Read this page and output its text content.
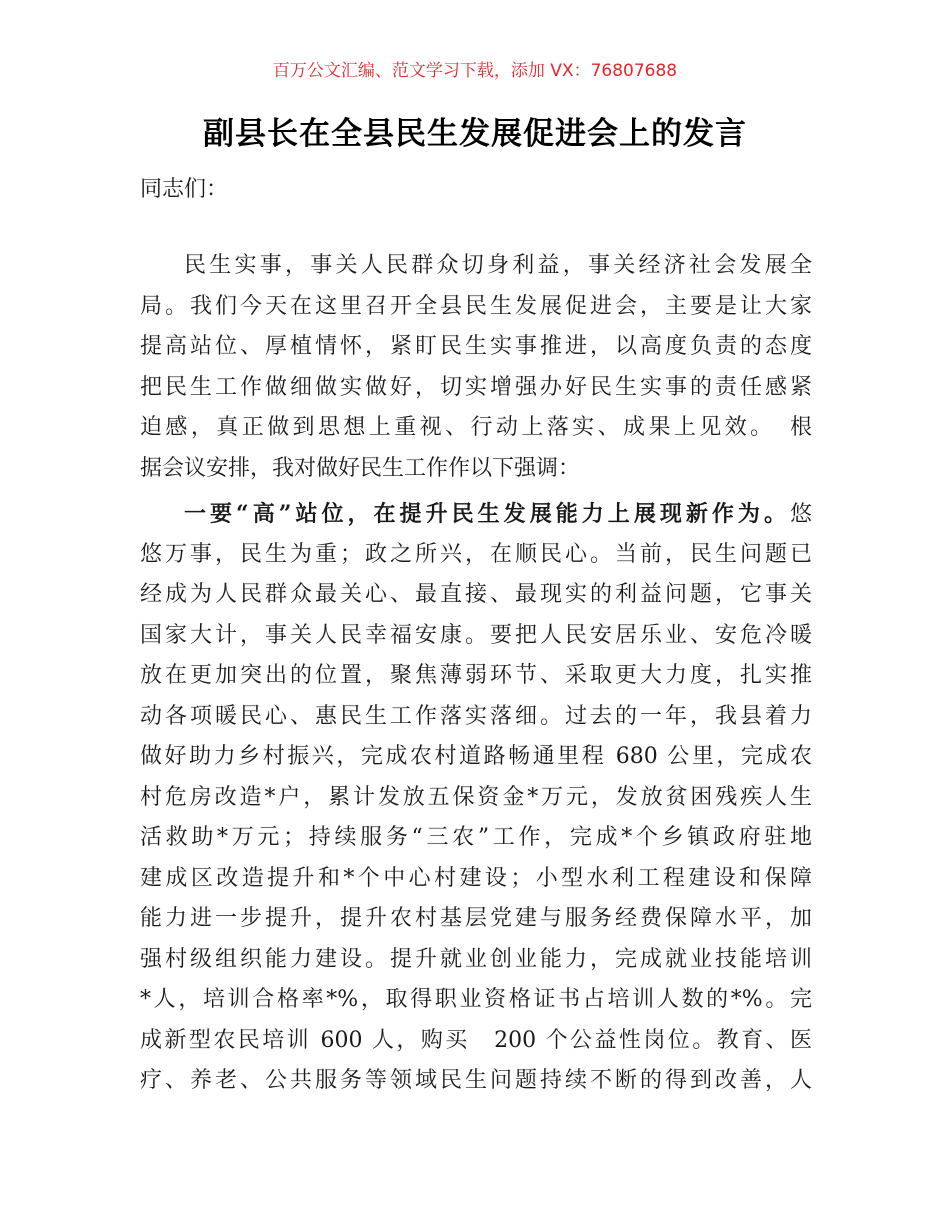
百万公文汇编、范文学习下载，添加 VX：76807688
副县长在全县民生发展促进会上的发言
同志们：
民生实事，事关人民群众切身利益，事关经济社会发展全
局。我们今天在这里召开全县民生发展促进会，主要是让大家
提高站位、厚植情怀，紧盯民生实事推进，以高度负责的态度
把民生工作做细做实做好，切实增强办好民生实事的责任感紧
迫感，真正做到思想上重视、行动上落实、成果上见效。　根
据会议安排，我对做好民生工作作以下强调：
一要“高”站位，在提升民生发展能力上展现新作为。悠
悠万事，民生为重；政之所兴，在顺民心。当前，民生问题已
经成为人民群众最关心、最直接、最现实的利益问题，它事关
国家大计，事关人民幸福安康。要把人民安居乐业、安危冷暖
放在更加突出的位置，聚焦薄弱环节、采取更大力度，扎实推
动各项暖民心、惠民生工作落实落细。过去的一年，我县着力
做好助力乡村振兴，完成农村道路畅通里程 680 公里，完成农
村危房改造*户，累计发放五保资金*万元，发放贫困残疾人生
活救助*万元；持续服务“三农”工作，完成*个乡镇政府驻地
建成区改造提升和*个中心村建设；小型水利工程建设和保障
能力进一步提升，提升农村基层党建与服务经费保障水平，加
强村级组织能力建设。提升就业创业能力，完成就业技能培训
*人，培训合格率*%，取得职业资格证书占培训人数的*%。完
成新型农民培训 600 人，购买　200 个公益性岗位。教育、医
疗、养老、公共服务等领域民生问题持续不断的得到改善，人
